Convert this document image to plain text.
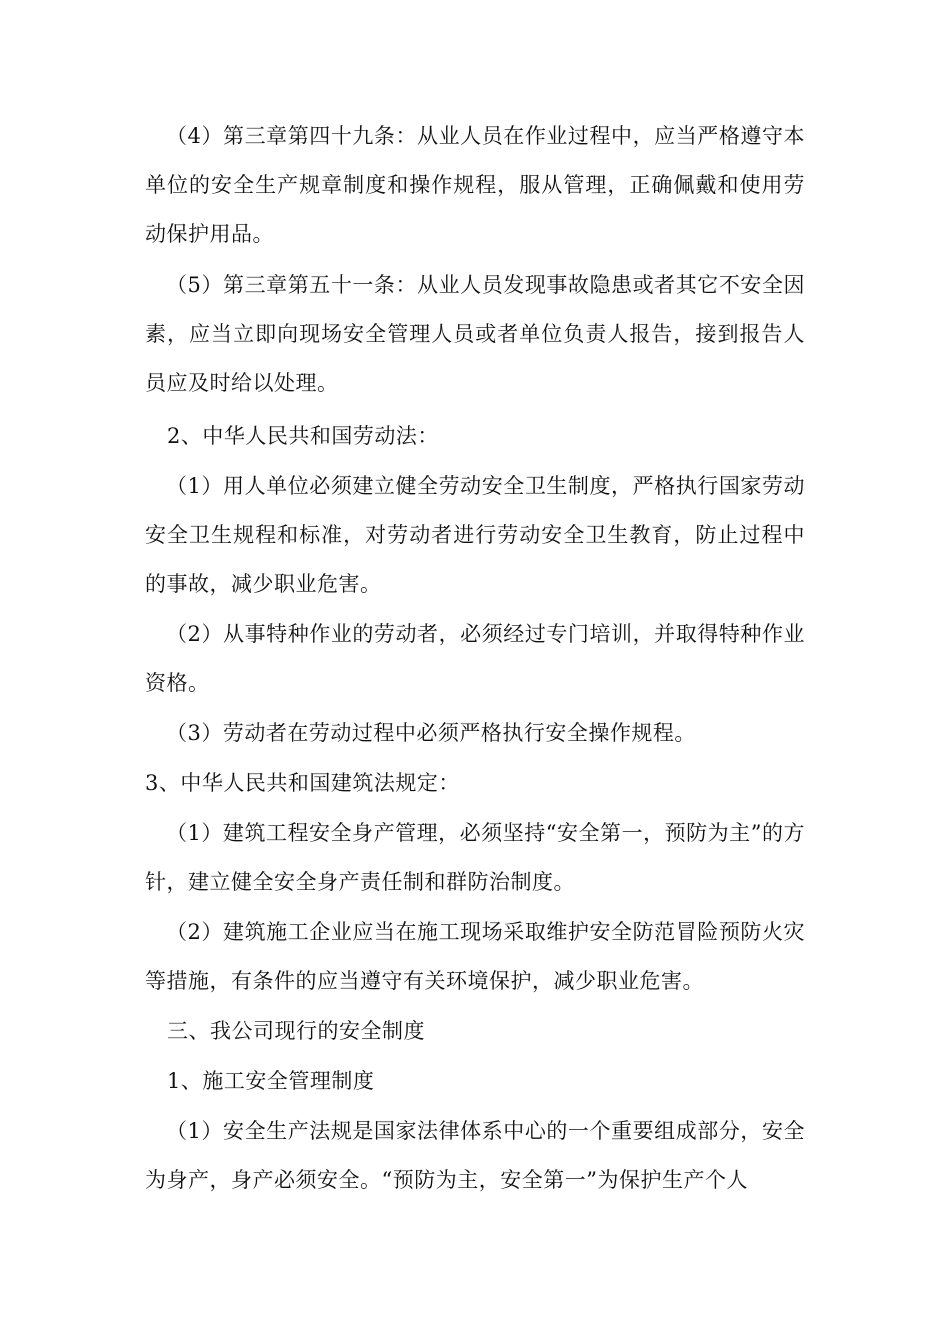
（4）第三章第四十九条：从业人员在作业过程中，应当严格遵守本单位的安全生产规章制度和操作规程，服从管理，正确佩戴和使用劳动保护用品。

（5）第三章第五十一条：从业人员发现事故隐患或者其它不安全因素，应当立即向现场安全管理人员或者单位负责人报告，接到报告人员应及时给以处理。

2、中华人民共和国劳动法：

（1）用人单位必须建立健全劳动安全卫生制度，严格执行国家劳动安全卫生规程和标准，对劳动者进行劳动安全卫生教育，防止过程中的事故，减少职业危害。

（2）从事特种作业的劳动者，必须经过专门培训，并取得特种作业资格。

（3）劳动者在劳动过程中必须严格执行安全操作规程。

3、中华人民共和国建筑法规定：

（1）建筑工程安全身产管理，必须坚持“安全第一，预防为主”的方针，建立健全安全身产责任制和群防治制度。

（2）建筑施工企业应当在施工现场采取维护安全防范冒险预防火灾等措施，有条件的应当遵守有关环境保护，减少职业危害。

三、我公司现行的安全制度

1、施工安全管理制度

（1）安全生产法规是国家法律体系中心的一个重要组成部分，安全为身产，身产必须安全。“预防为主，安全第一”为保护生产个人
